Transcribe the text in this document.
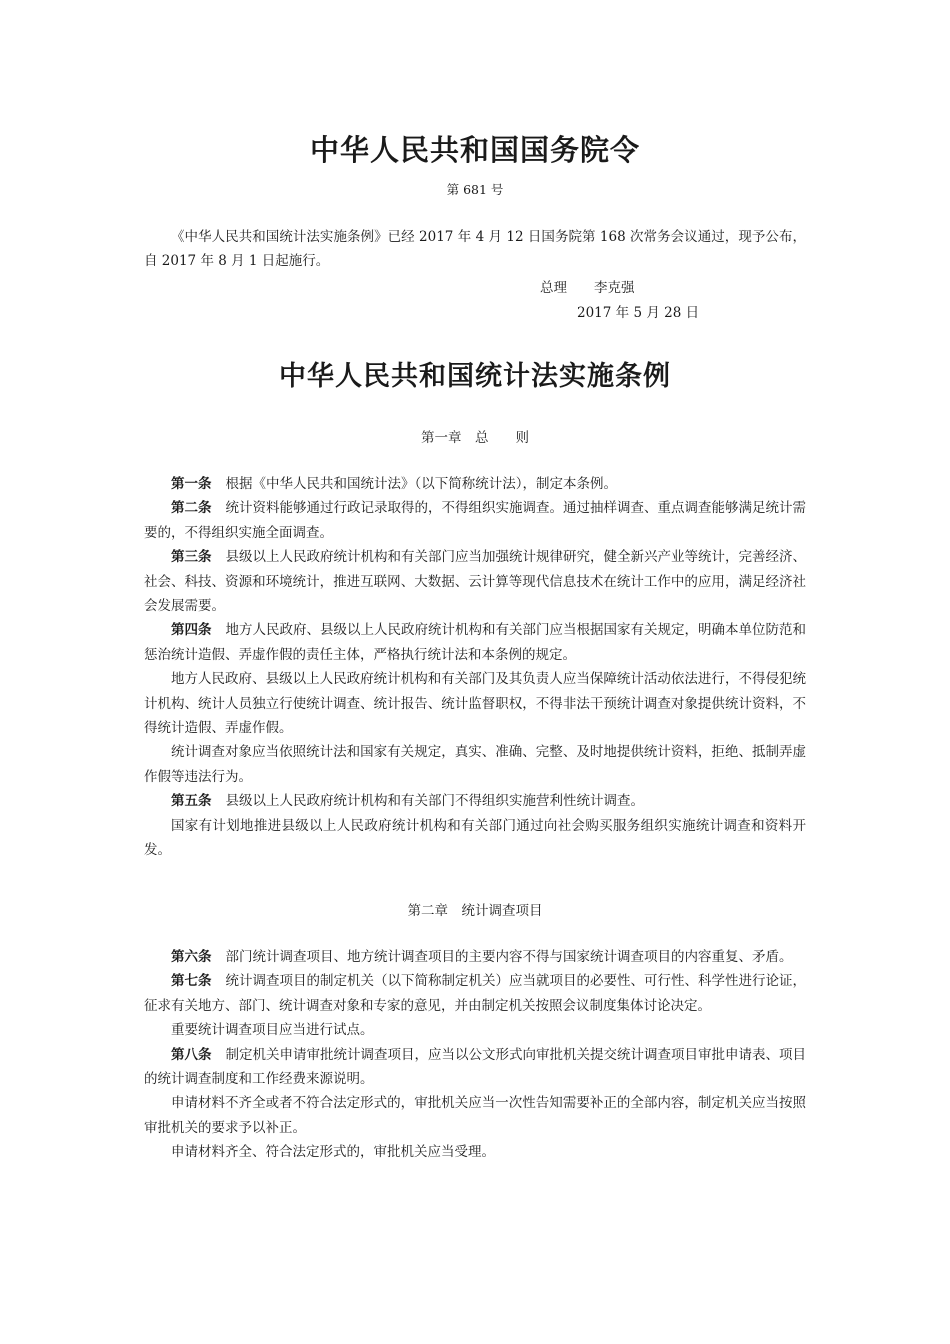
中华人民共和国国务院令
第 681 号

《中华人民共和国统计法实施条例》已经 2017 年 4 月 12 日国务院第 168 次常务会议通过，现予公布，自 2017 年 8 月 1 日起施行。

总理　　李克强
2017 年 5 月 28 日
中华人民共和国统计法实施条例
第一章　总　　则

第一条 根据《中华人民共和国统计法》（以下简称统计法），制定本条例。

第二条 统计资料能够通过行政记录取得的，不得组织实施调查。通过抽样调查、重点调查能够满足统计需要的，不得组织实施全面调查。

第三条 县级以上人民政府统计机构和有关部门应当加强统计规律研究，健全新兴产业等统计，完善经济、社会、科技、资源和环境统计，推进互联网、大数据、云计算等现代信息技术在统计工作中的应用，满足经济社会发展需要。

第四条 地方人民政府、县级以上人民政府统计机构和有关部门应当根据国家有关规定，明确本单位防范和惩治统计造假、弄虚作假的责任主体，严格执行统计法和本条例的规定。

地方人民政府、县级以上人民政府统计机构和有关部门及其负责人应当保障统计活动依法进行，不得侵犯统计机构、统计人员独立行使统计调查、统计报告、统计监督职权，不得非法干预统计调查对象提供统计资料，不得统计造假、弄虚作假。

统计调查对象应当依照统计法和国家有关规定，真实、准确、完整、及时地提供统计资料，拒绝、抵制弄虚作假等违法行为。

第五条 县级以上人民政府统计机构和有关部门不得组织实施营利性统计调查。

国家有计划地推进县级以上人民政府统计机构和有关部门通过向社会购买服务组织实施统计调查和资料开发。

第二章　统计调查项目

第六条 部门统计调查项目、地方统计调查项目的主要内容不得与国家统计调查项目的内容重复、矛盾。

第七条 统计调查项目的制定机关（以下简称制定机关）应当就项目的必要性、可行性、科学性进行论证，征求有关地方、部门、统计调查对象和专家的意见，并由制定机关按照会议制度集体讨论决定。

重要统计调查项目应当进行试点。

第八条 制定机关申请审批统计调查项目，应当以公文形式向审批机关提交统计调查项目审批申请表、项目的统计调查制度和工作经费来源说明。

申请材料不齐全或者不符合法定形式的，审批机关应当一次性告知需要补正的全部内容，制定机关应当按照审批机关的要求予以补正。

申请材料齐全、符合法定形式的，审批机关应当受理。
